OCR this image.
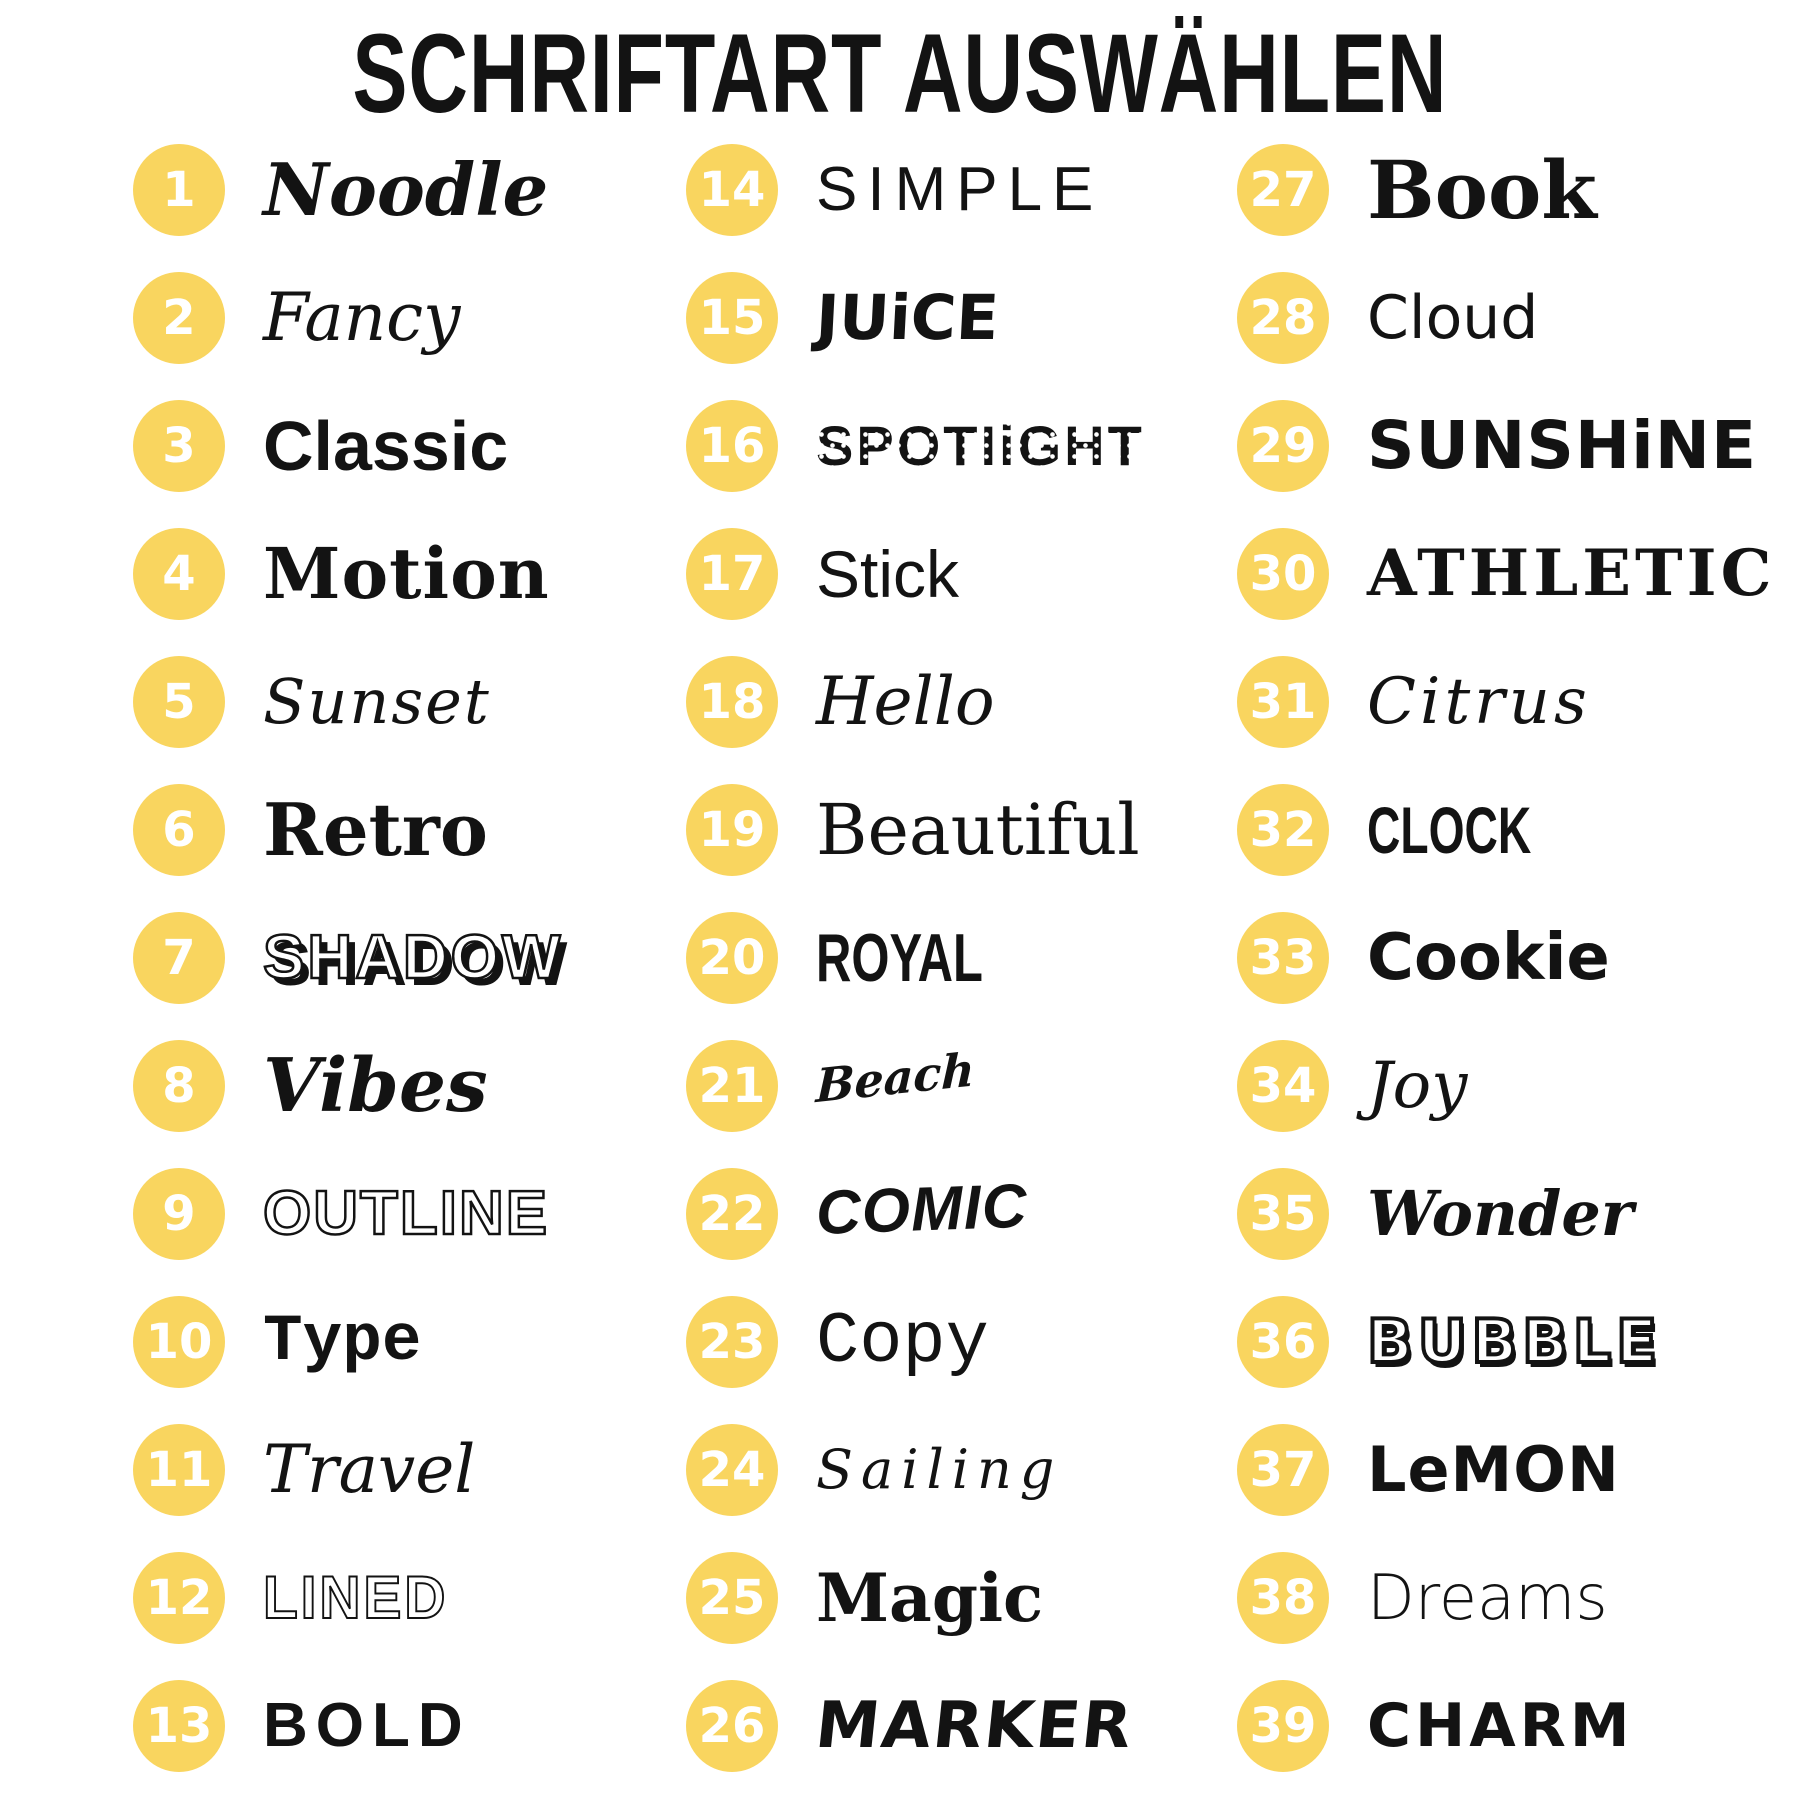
SCHRIFTART AUSWÄHLEN
1 Noodle
2 Fancy
3 Classic
4 Motion
5 Sunset
6 Retro
7 SHADOW
8 Vibes
9 OUTLINE
10 Type
11 Travel
12 LINED
13 BOLD
14 SIMPLE
15 JUiCE
16 SPOTIiGHT
17 Stick
18 Hello
19 Beautiful
20 ROYAL
21 Beach
22 COMIC
23 Copy
24 Sailing
25 Magic
26 MARKER
27 Book
28 Cloud
29 SUNSHiNE
30 ATHLETIC
31 Citrus
32 CLOCK
33 Cookie
34 Joy
35 Wonder
36 BUBBLE
37 LeMON
38 Dreams
39 CHARM
